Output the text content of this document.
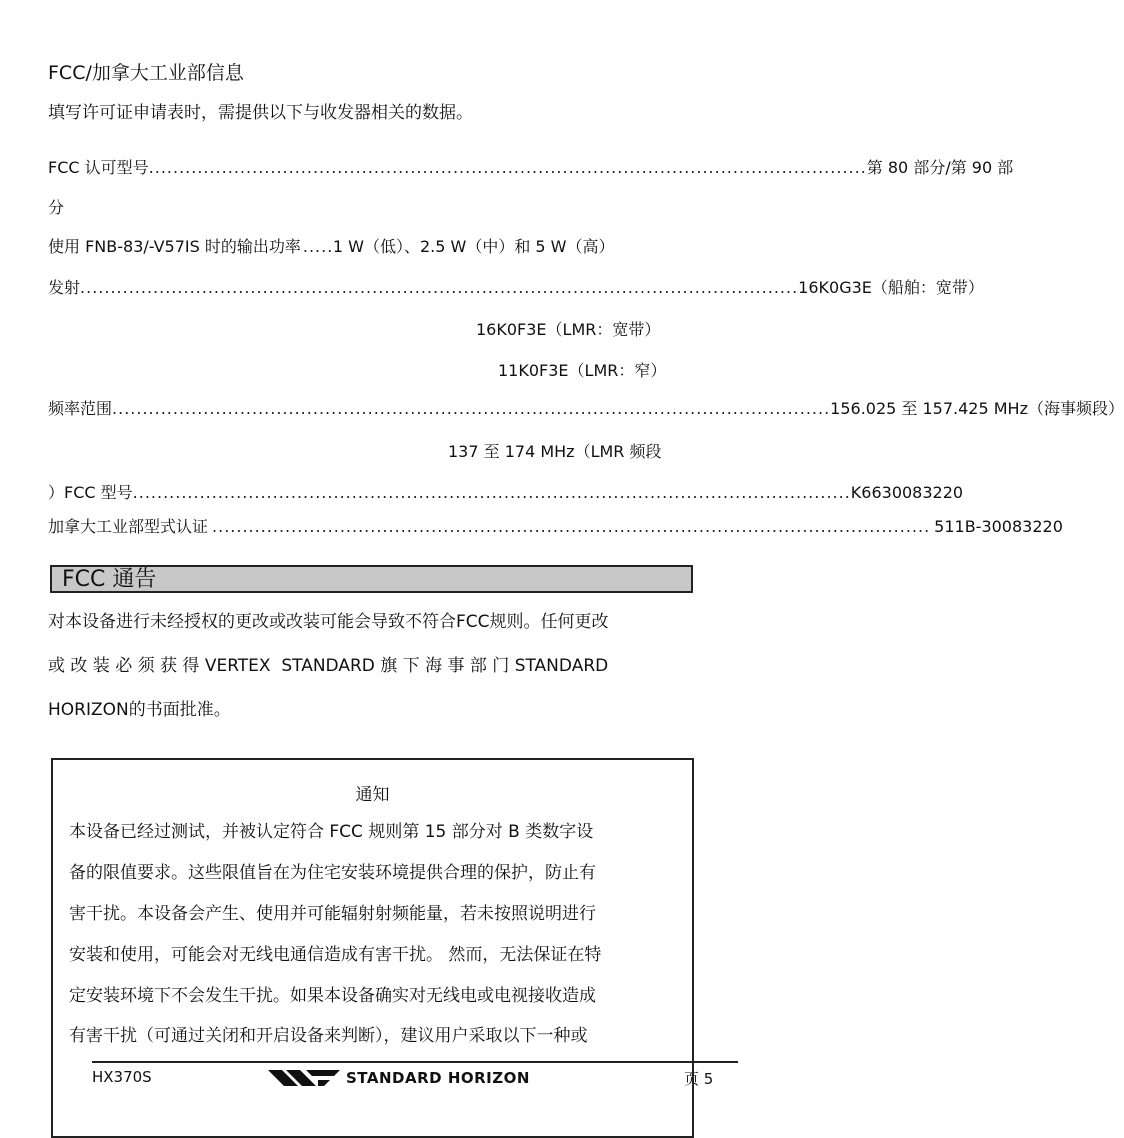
FCC/加拿大工业部信息
填写许可证申请表时，需提供以下与收发器相关的数据。
FCC 认可型号 ...................................................................................................................... 第 80 部分/第 90 部
分
使用 FNB-83/-V57IS 时的输出功率 ..... 1 W（低）、2.5 W（中）和 5 W（高）
发射 ...................................................................................................................... 16K0G3E（船舶：宽带）
16K0F3E（LMR：宽带）
11K0F3E（LMR：窄）
频率范围 ...................................................................................................................... 156.025 至 157.425 MHz（海事频段）
137 至 174 MHz（LMR 频段
）FCC 型号 ...................................................................................................................... K6630083220
加拿大工业部型式认证 ...................................................................................................................... 511B-30083220
FCC 通告
对本设备进行未经授权的更改或改装可能会导致不符合FCC规则。任何更改
或 改 装 必 须 获 得 VERTEX  STANDARD 旗 下 海 事 部 门 STANDARD
HORIZON的书面批准。
通知
本设备已经过测试，并被认定符合 FCC 规则第 15 部分对 B 类数字设
备的限值要求。这些限值旨在为住宅安装环境提供合理的保护，防止有
害干扰。本设备会产生、使用并可能辐射射频能量，若未按照说明进行
安装和使用，可能会对无线电通信造成有害干扰。 然而，无法保证在特
定安装环境下不会发生干扰。如果本设备确实对无线电或电视接收造成
有害干扰（可通过关闭和开启设备来判断），建议用户采取以下一种或
HX370S	STANDARD HORIZON	页 5
